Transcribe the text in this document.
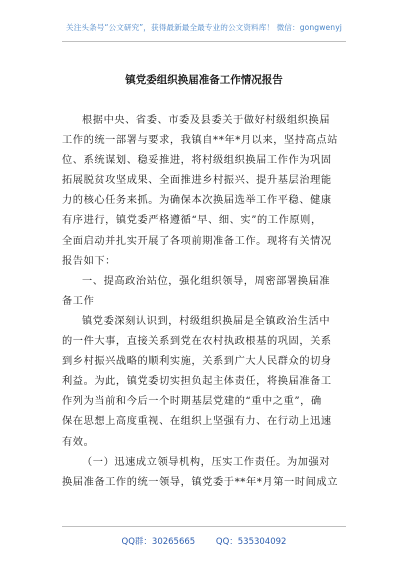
关注头条号“公文研究”，获得最新最全最专业的公文资料库！ 微信：gongwenyj
镇党委组织换届准备工作情况报告
根据中央、省委、市委及县委关于做好村级组织换届
工作的统一部署与要求，我镇自**年*月以来，坚持高点站
位、系统谋划、稳妥推进，将村级组织换届工作作为巩固
拓展脱贫攻坚成果、全面推进乡村振兴、提升基层治理能
力的核心任务来抓。为确保本次换届选举工作平稳、健康
有序进行，镇党委严格遵循“早、细、实”的工作原则，
全面启动并扎实开展了各项前期准备工作。现将有关情况
报告如下：
一、提高政治站位，强化组织领导，周密部署换届准
备工作
镇党委深刻认识到，村级组织换届是全镇政治生活中
的一件大事，直接关系到党在农村执政根基的巩固，关系
到乡村振兴战略的顺利实施，关系到广大人民群众的切身
利益。为此，镇党委切实担负起主体责任，将换届准备工
作列为当前和今后一个时期基层党建的“重中之重”，确
保在思想上高度重视、在组织上坚强有力、在行动上迅速
有效。
（一）迅速成立领导机构，压实工作责任。为加强对
换届准备工作的统一领导，镇党委于**年*月第一时间成立
QQ群：30265665 QQ：535304092
